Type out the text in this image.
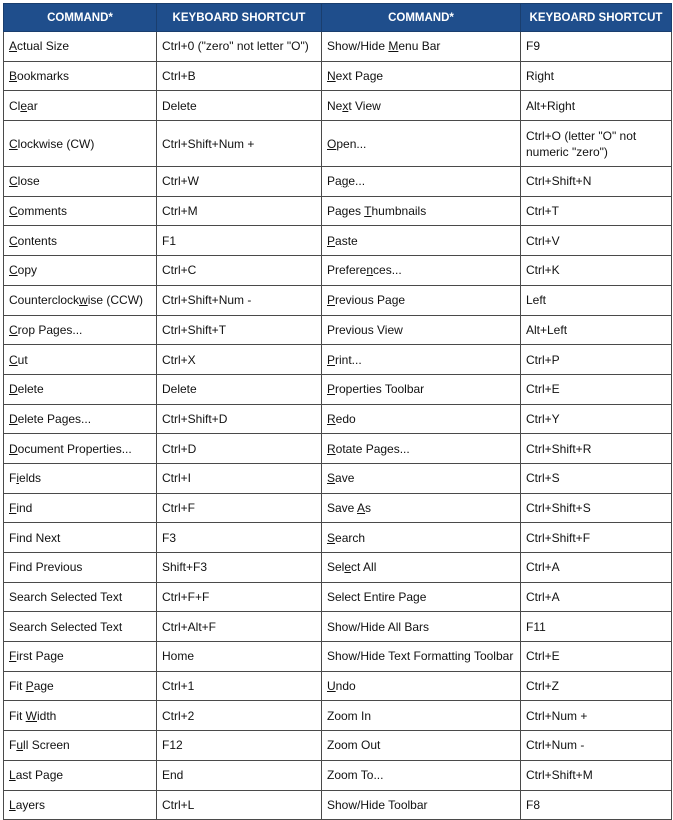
COMMAND*	KEYBOARD SHORTCUT	COMMAND*	KEYBOARD SHORTCUT
Actual Size	Ctrl+0 ("zero" not letter "O")	Show/Hide Menu Bar	F9
Bookmarks	Ctrl+B	Next Page	Right
Clear	Delete	Next View	Alt+Right
Clockwise (CW)	Ctrl+Shift+Num +	Open...	Ctrl+O (letter "O" not numeric "zero")
Close	Ctrl+W	Page...	Ctrl+Shift+N
Comments	Ctrl+M	Pages Thumbnails	Ctrl+T
Contents	F1	Paste	Ctrl+V
Copy	Ctrl+C	Preferences...	Ctrl+K
Counterclockwise (CCW)	Ctrl+Shift+Num -	Previous Page	Left
Crop Pages...	Ctrl+Shift+T	Previous View	Alt+Left
Cut	Ctrl+X	Print...	Ctrl+P
Delete	Delete	Properties Toolbar	Ctrl+E
Delete Pages...	Ctrl+Shift+D	Redo	Ctrl+Y
Document Properties...	Ctrl+D	Rotate Pages...	Ctrl+Shift+R
Fields	Ctrl+I	Save	Ctrl+S
Find	Ctrl+F	Save As	Ctrl+Shift+S
Find Next	F3	Search	Ctrl+Shift+F
Find Previous	Shift+F3	Select All	Ctrl+A
Search Selected Text	Ctrl+F+F	Select Entire Page	Ctrl+A
Search Selected Text	Ctrl+Alt+F	Show/Hide All Bars	F11
First Page	Home	Show/Hide Text Formatting Toolbar	Ctrl+E
Fit Page	Ctrl+1	Undo	Ctrl+Z
Fit Width	Ctrl+2	Zoom In	Ctrl+Num +
Full Screen	F12	Zoom Out	Ctrl+Num -
Last Page	End	Zoom To...	Ctrl+Shift+M
Layers	Ctrl+L	Show/Hide Toolbar	F8
